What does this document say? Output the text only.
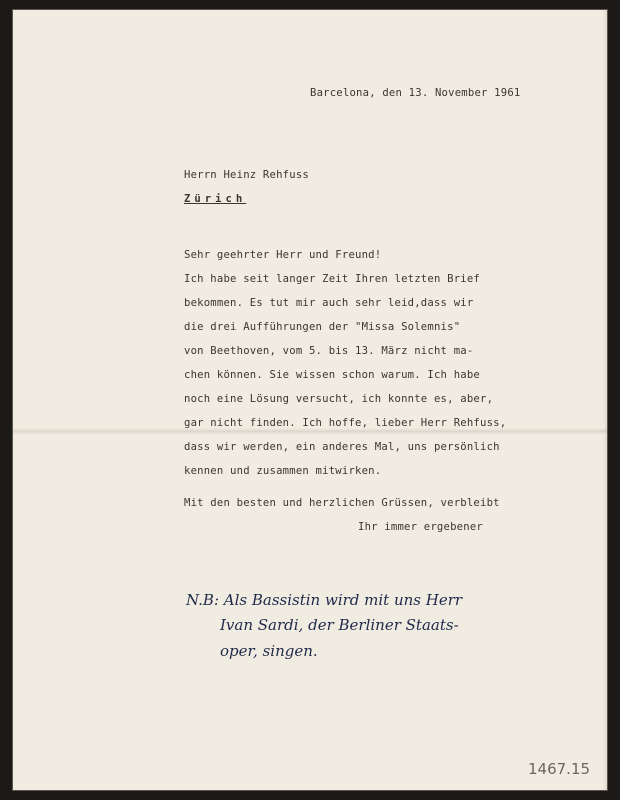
Barcelona, den 13. November 1961
Herrn Heinz Rehfuss
Zürich
Sehr geehrter Herr und Freund!
Ich habe seit langer Zeit Ihren letzten Brief
bekommen. Es tut mir auch sehr leid,dass wir
die drei Aufführungen der "Missa Solemnis"
von Beethoven, vom 5. bis 13. März nicht ma-
chen können. Sie wissen schon warum. Ich habe
noch eine Lösung versucht, ich konnte es, aber,
gar nicht finden. Ich hoffe, lieber Herr Rehfuss,
dass wir werden, ein anderes Mal, uns persönlich
kennen und zusammen mitwirken.
Mit den besten und herzlichen Grüssen, verbleibt
Ihr immer ergebener
N.B: Als Bassistin wird mit uns Herr
Ivan Sardi, der Berliner Staats-
oper, singen.
1467.15
